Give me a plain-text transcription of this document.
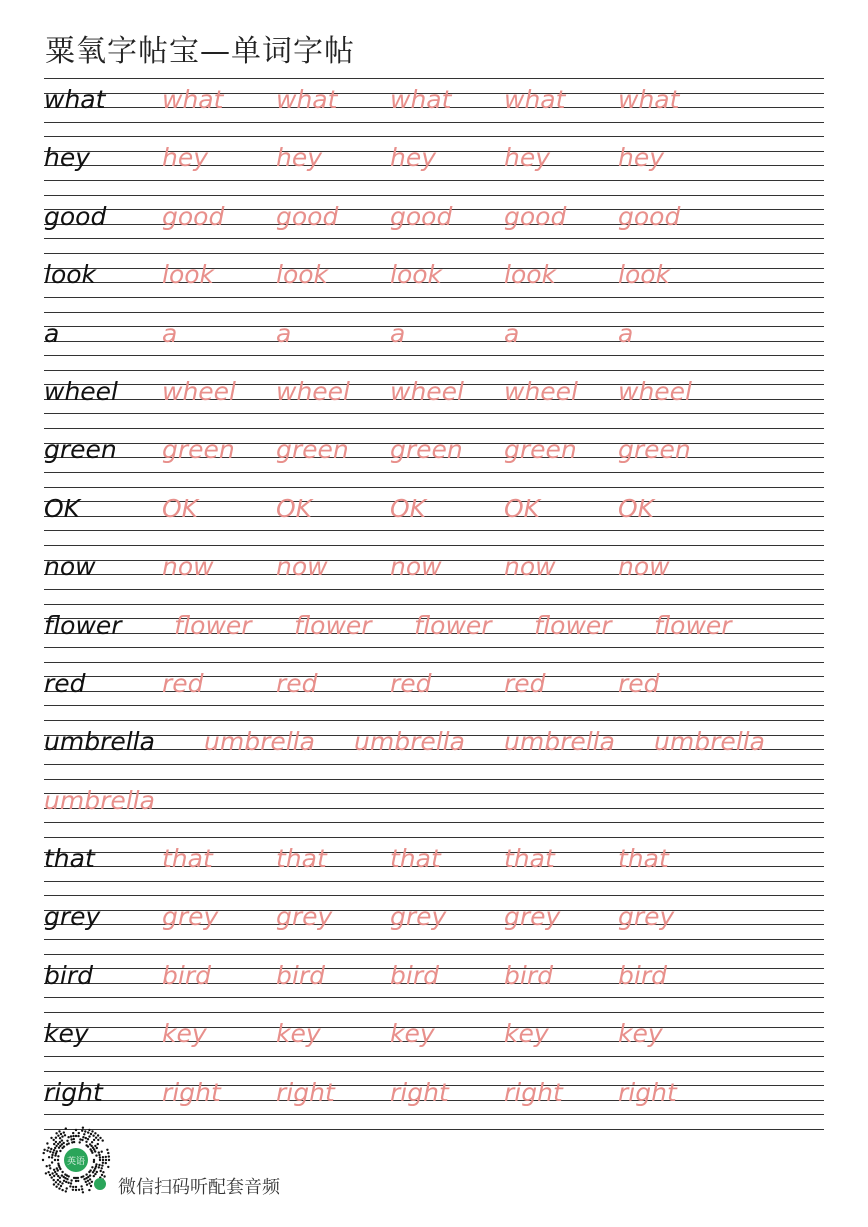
粟氧字帖宝—单词字帖
what what what what what what
hey	hey	hey	hey	hey	hey
good good good good good good
look	look look look look look
a	a	a	a	a	a
wheel wheel wheel wheel wheel wheel
green green green green green green
OK	OK	OK	OK	OK	OK
now	now now now now now
flower flower flower flower flower flower
red	red	red	red	red	red
umbrella umbrella umbrella umbrella umbrella
umbrella
that	that	that	that	that	that
grey grey grey grey grey grey
bird	bird	bird	bird	bird	bird
key	key	key	key	key	key
right right right right right right
英语
微信扫码听配套音频
